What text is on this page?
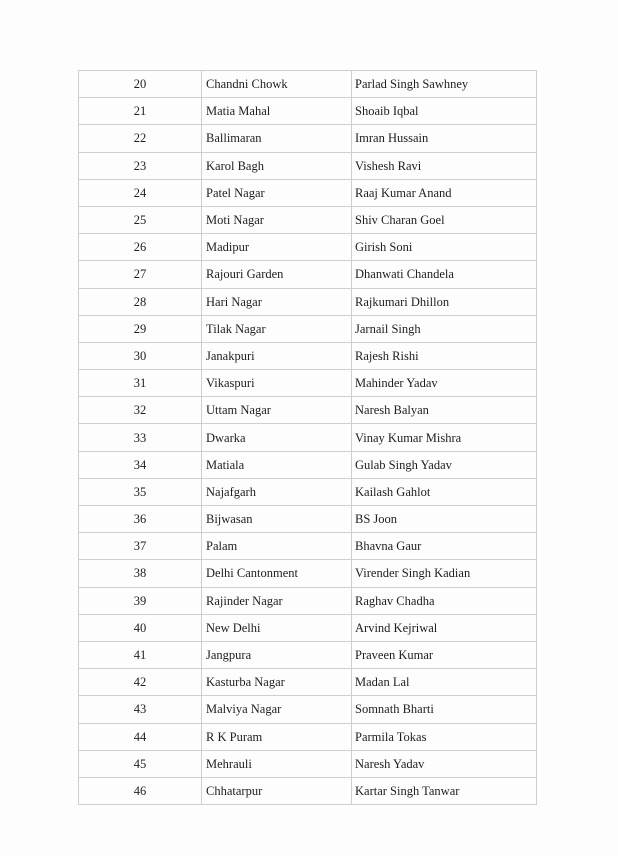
20	Chandni Chowk	Parlad Singh Sawhney
21	Matia Mahal	Shoaib Iqbal
22	Ballimaran	Imran Hussain
23	Karol Bagh	Vishesh Ravi
24	Patel Nagar	Raaj Kumar Anand
25	Moti Nagar	Shiv Charan Goel
26	Madipur	Girish Soni
27	Rajouri Garden	Dhanwati Chandela
28	Hari Nagar	Rajkumari Dhillon
29	Tilak Nagar	Jarnail Singh
30	Janakpuri	Rajesh Rishi
31	Vikaspuri	Mahinder Yadav
32	Uttam Nagar	Naresh Balyan
33	Dwarka	Vinay Kumar Mishra
34	Matiala	Gulab Singh Yadav
35	Najafgarh	Kailash Gahlot
36	Bijwasan	BS Joon
37	Palam	Bhavna Gaur
38	Delhi Cantonment	Virender Singh Kadian
39	Rajinder Nagar	Raghav Chadha
40	New Delhi	Arvind Kejriwal
41	Jangpura	Praveen Kumar
42	Kasturba Nagar	Madan Lal
43	Malviya Nagar	Somnath Bharti
44	R K Puram	Parmila Tokas
45	Mehrauli	Naresh Yadav
46	Chhatarpur	Kartar Singh Tanwar
